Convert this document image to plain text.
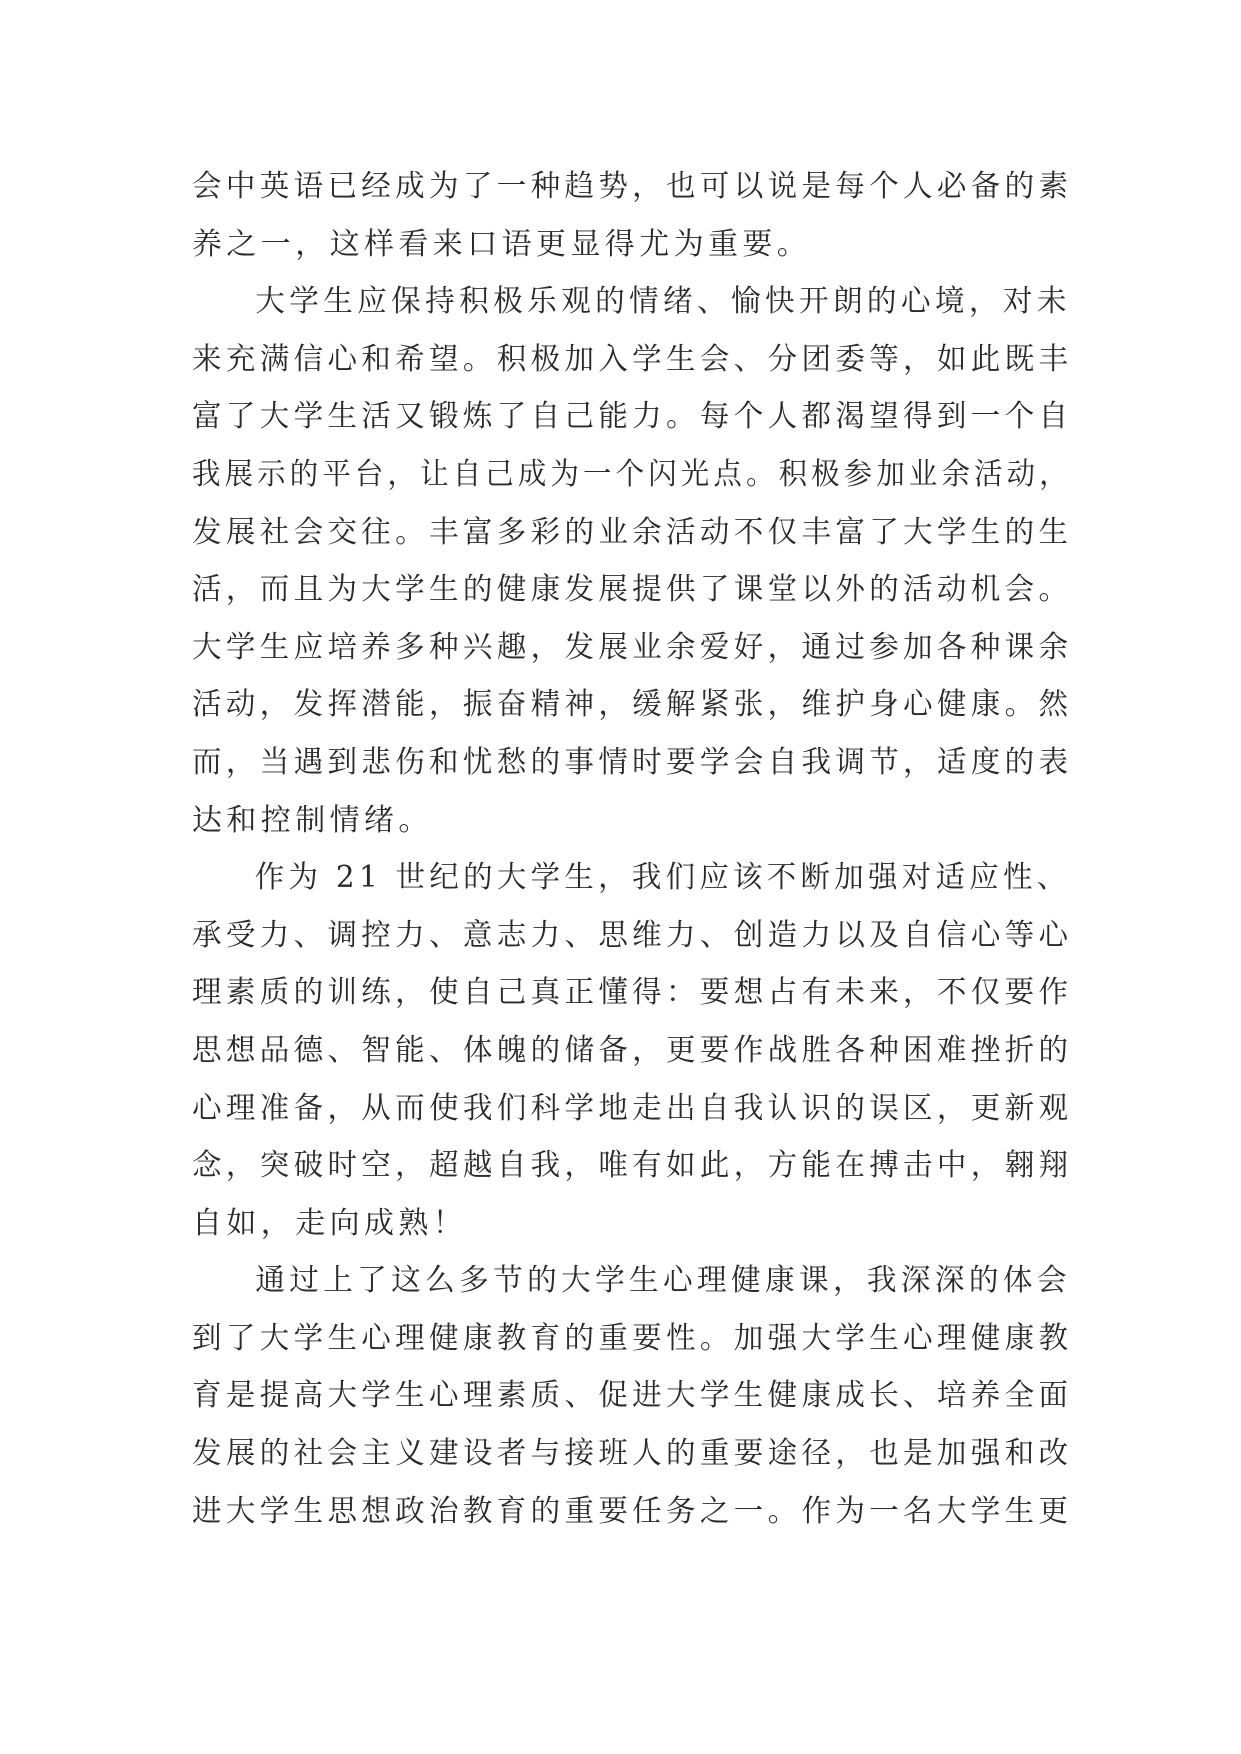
会中英语已经成为了一种趋势，也可以说是每个人必备的素
养之一，这样看来口语更显得尤为重要。
大学生应保持积极乐观的情绪、愉快开朗的心境，对未
来充满信心和希望。积极加入学生会、分团委等，如此既丰
富了大学生活又锻炼了自己能力。每个人都渴望得到一个自
我展示的平台，让自己成为一个闪光点。积极参加业余活动，
发展社会交往。丰富多彩的业余活动不仅丰富了大学生的生
活，而且为大学生的健康发展提供了课堂以外的活动机会。
大学生应培养多种兴趣，发展业余爱好，通过参加各种课余
活动，发挥潜能，振奋精神，缓解紧张，维护身心健康。然
而，当遇到悲伤和忧愁的事情时要学会自我调节，适度的表
达和控制情绪。
作为 21 世纪的大学生，我们应该不断加强对适应性、
承受力、调控力、意志力、思维力、创造力以及自信心等心
理素质的训练，使自己真正懂得：要想占有未来，不仅要作
思想品德、智能、体魄的储备，更要作战胜各种困难挫折的
心理准备，从而使我们科学地走出自我认识的误区，更新观
念，突破时空，超越自我，唯有如此，方能在搏击中，翱翔
自如，走向成熟！
通过上了这么多节的大学生心理健康课，我深深的体会
到了大学生心理健康教育的重要性。加强大学生心理健康教
育是提高大学生心理素质、促进大学生健康成长、培养全面
发展的社会主义建设者与接班人的重要途径，也是加强和改
进大学生思想政治教育的重要任务之一。作为一名大学生更
